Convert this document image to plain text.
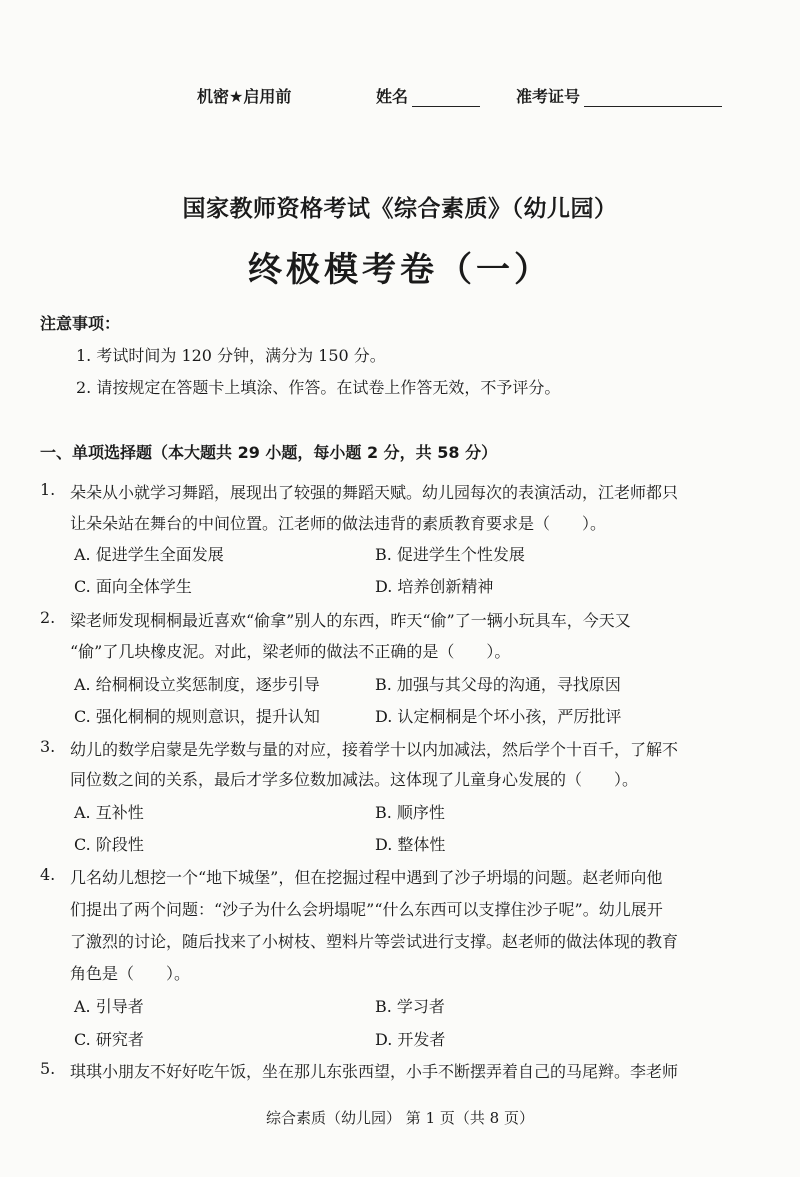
机密★启用前	姓名	准考证号
国家教师资格考试《综合素质》（幼儿园）
终极模考卷（一）
注意事项：
1. 考试时间为 120 分钟，满分为 150 分。
2. 请按规定在答题卡上填涂、作答。在试卷上作答无效，不予评分。
一、单项选择题（本大题共 29 小题，每小题 2 分，共 58 分）
1. 朵朵从小就学习舞蹈，展现出了较强的舞蹈天赋。幼儿园每次的表演活动，江老师都只
让朵朵站在舞台的中间位置。江老师的做法违背的素质教育要求是（　　）。
A. 促进学生全面发展	B. 促进学生个性发展
C. 面向全体学生	D. 培养创新精神
2. 梁老师发现桐桐最近喜欢“偷拿”别人的东西，昨天“偷”了一辆小玩具车，今天又
“偷”了几块橡皮泥。对此，梁老师的做法不正确的是（　　）。
A. 给桐桐设立奖惩制度，逐步引导	B. 加强与其父母的沟通，寻找原因
C. 强化桐桐的规则意识，提升认知	D. 认定桐桐是个坏小孩，严厉批评
3. 幼儿的数学启蒙是先学数与量的对应，接着学十以内加减法，然后学个十百千，了解不
同位数之间的关系，最后才学多位数加减法。这体现了儿童身心发展的（　　）。
A. 互补性	B. 顺序性
C. 阶段性	D. 整体性
4. 几名幼儿想挖一个“地下城堡”，但在挖掘过程中遇到了沙子坍塌的问题。赵老师向他
们提出了两个问题：“沙子为什么会坍塌呢”“什么东西可以支撑住沙子呢”。幼儿展开
了激烈的讨论，随后找来了小树枝、塑料片等尝试进行支撑。赵老师的做法体现的教育
角色是（　　）。
A. 引导者	B. 学习者
C. 研究者	D. 开发者
5. 琪琪小朋友不好好吃午饭，坐在那儿东张西望，小手不断摆弄着自己的马尾辫。李老师
综合素质（幼儿园） 第 1 页（共 8 页）
